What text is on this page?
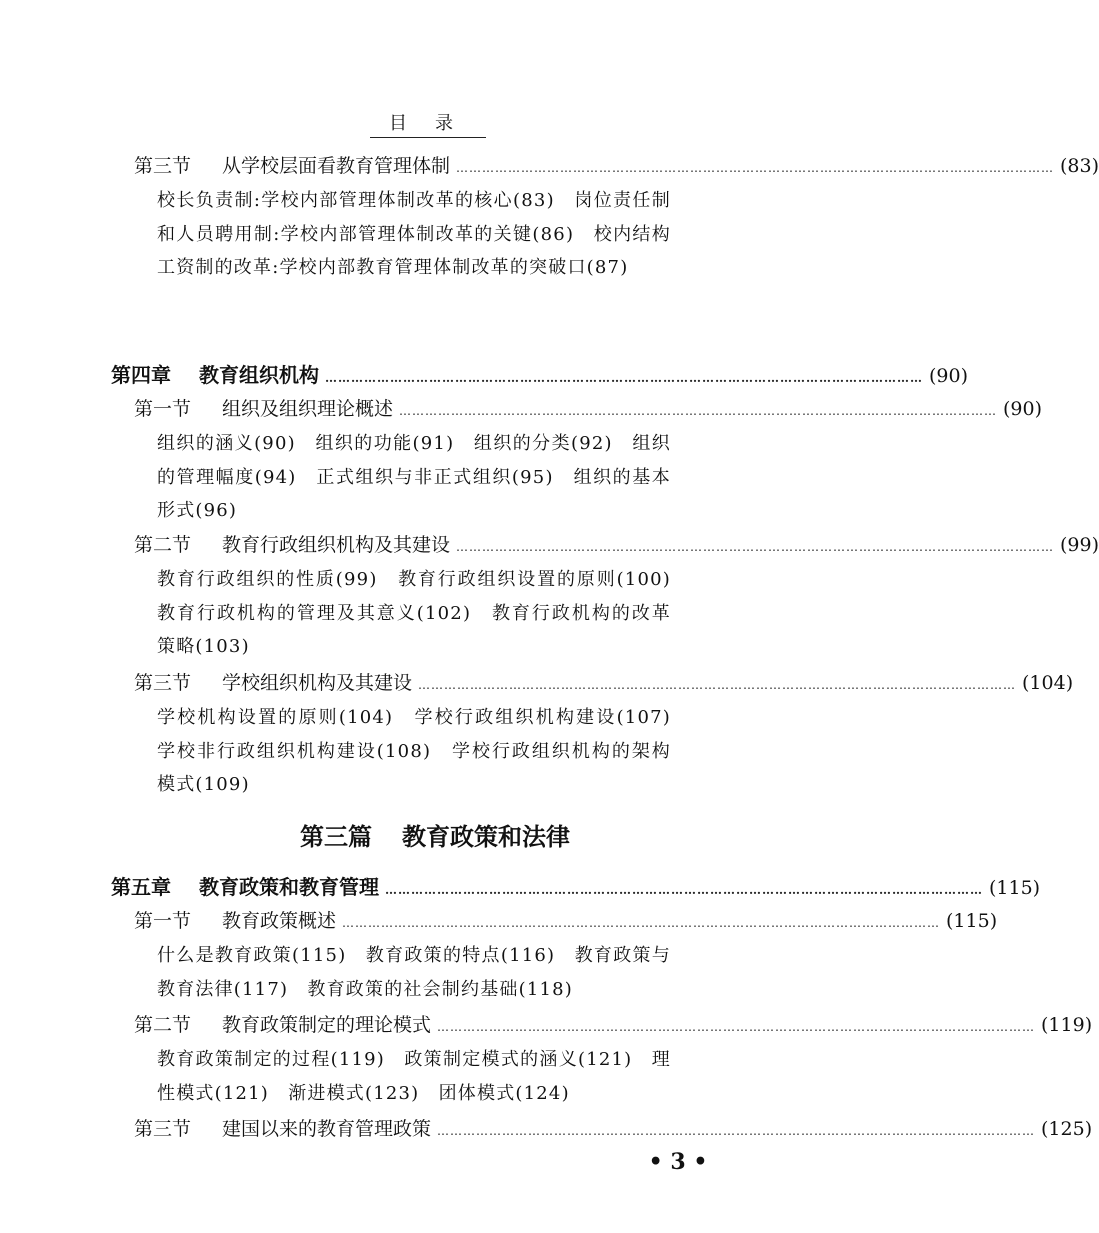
目录
第三节 从学校层面看教育管理体制 ………………………………………………………………………………………………………………………… (83)
校长负责制:学校内部管理体制改革的核心(83)　岗位责任制和人员聘用制:学校内部管理体制改革的关键(86)　校内结构工资制的改革:学校内部教育管理体制改革的突破口(87)
第四章 教育组织机构 ………………………………………………………………………………………………………………………… (90)
第一节 组织及组织理论概述 ………………………………………………………………………………………………………………………… (90)
组织的涵义(90)　组织的功能(91)　组织的分类(92)　组织的管理幅度(94)　正式组织与非正式组织(95)　组织的基本形式(96)
第二节 教育行政组织机构及其建设 ………………………………………………………………………………………………………………………… (99)
教育行政组织的性质(99)　教育行政组织设置的原则(100)　教育行政机构的管理及其意义(102)　教育行政机构的改革策略(103)
第三节 学校组织机构及其建设 ………………………………………………………………………………………………………………………… (104)
学校机构设置的原则(104)　学校行政组织机构建设(107)　学校非行政组织机构建设(108)　学校行政组织机构的架构模式(109)
第三篇 教育政策和法律
第五章 教育政策和教育管理 ………………………………………………………………………………………………………………………… (115)
第一节 教育政策概述 ………………………………………………………………………………………………………………………… (115)
什么是教育政策(115)　教育政策的特点(116)　教育政策与教育法律(117)　教育政策的社会制约基础(118)
第二节 教育政策制定的理论模式 ………………………………………………………………………………………………………………………… (119)
教育政策制定的过程(119)　政策制定模式的涵义(121)　理性模式(121)　渐进模式(123)　团体模式(124)
第三节 建国以来的教育管理政策 ………………………………………………………………………………………………………………………… (125)
• 3 •
